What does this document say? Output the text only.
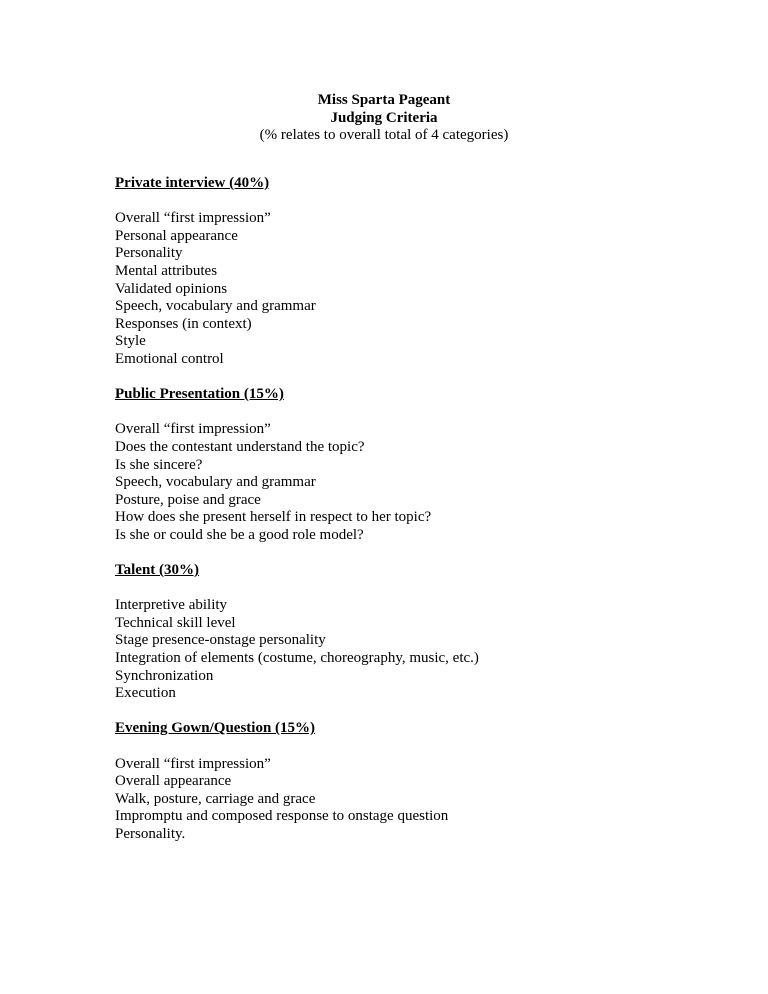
Miss Sparta Pageant
Judging Criteria
(% relates to overall total of 4 categories)

Private interview (40%)

Overall “first impression”
Personal appearance
Personality
Mental attributes
Validated opinions
Speech, vocabulary and grammar
Responses (in context)
Style
Emotional control

Public Presentation (15%)

Overall “first impression”
Does the contestant understand the topic?
Is she sincere?
Speech, vocabulary and grammar
Posture, poise and grace
How does she present herself in respect to her topic?
Is she or could she be a good role model?

Talent (30%)

Interpretive ability
Technical skill level
Stage presence-onstage personality
Integration of elements (costume, choreography, music, etc.)
Synchronization
Execution

Evening Gown/Question (15%)

Overall “first impression”
Overall appearance
Walk, posture, carriage and grace
Impromptu and composed response to onstage question
Personality.
